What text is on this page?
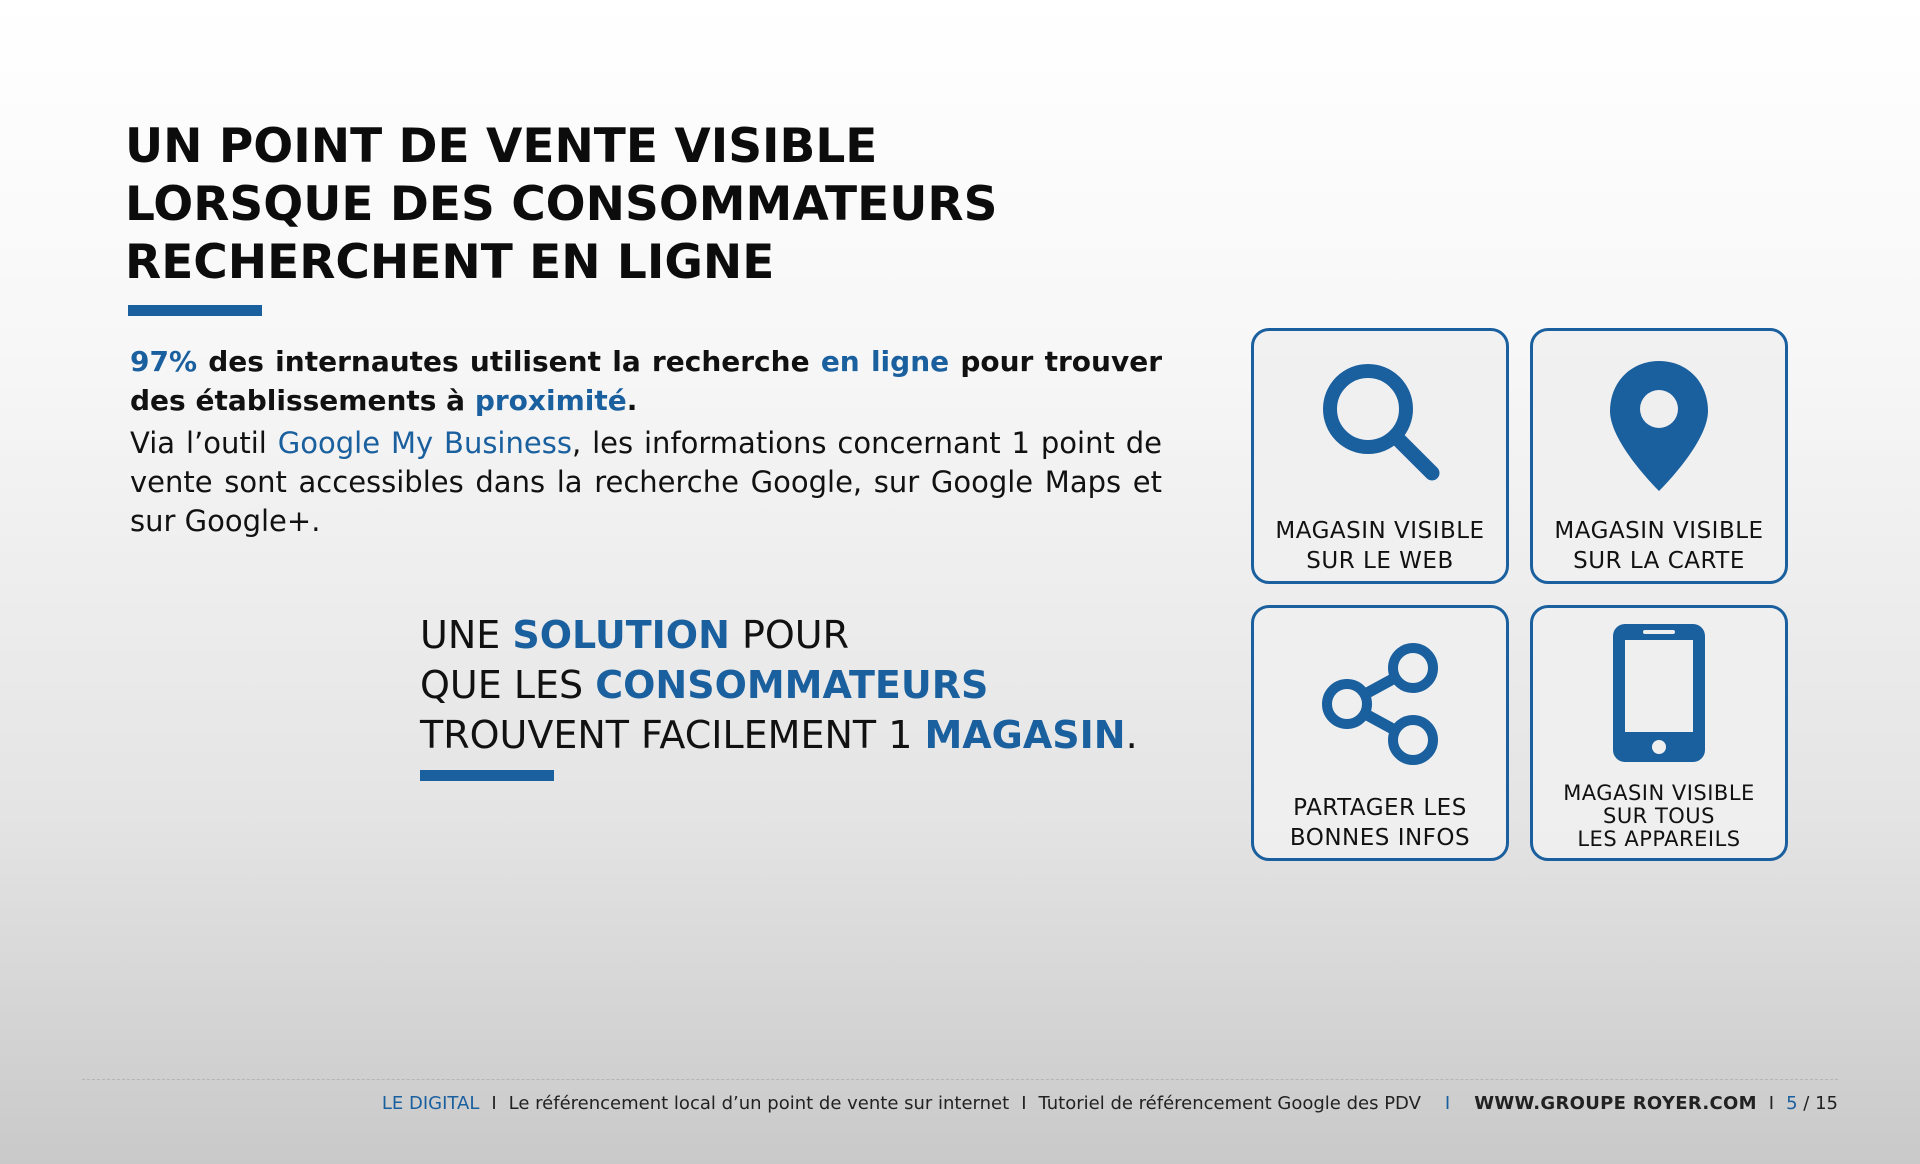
UN POINT DE VENTE VISIBLE
LORSQUE DES CONSOMMATEURS
RECHERCHENT EN LIGNE

97% des internautes utilisent la recherche en ligne pour trouver des établissements à proximité.

Via l’outil Google My Business, les informations concernant 1 point de vente sont accessibles dans la recherche Google, sur Google Maps et sur Google+.

UNE SOLUTION POUR
QUE LES CONSOMMATEURS
TROUVENT FACILEMENT 1 MAGASIN.
MAGASIN VISIBLE
SUR LE WEB
MAGASIN VISIBLE
SUR LA CARTE
PARTAGER LES
BONNES INFOS
MAGASIN VISIBLE
SUR TOUS
LES APPAREILS
LE DIGITAL I Le référencement local d’un point de vente sur internet I Tutoriel de référencement Google des PDV I WWW.GROUPE ROYER.COM I 5 / 15
